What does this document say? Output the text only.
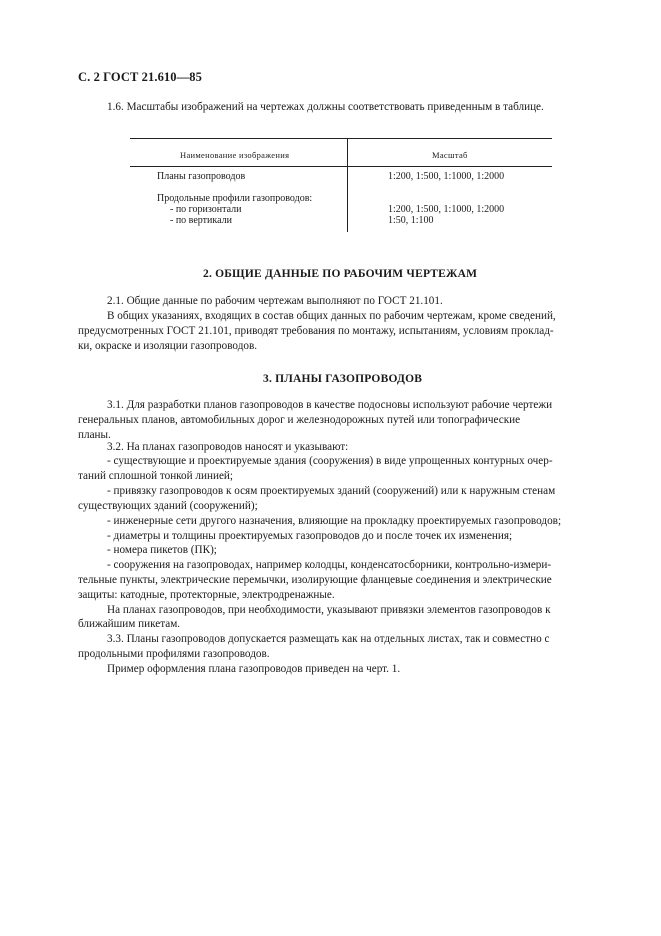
С. 2 ГОСТ 21.610—85
1.6. Масштабы изображений на чертежах должны соответствовать приведенным в таблице.
Наименование изображения	Масштаб
Планы газопроводов	1:200, 1:500, 1:1000, 1:2000
Продольные профили газопроводов:
- по горизонтали	1:200, 1:500, 1:1000, 1:2000
- по вертикали	1:50, 1:100
2. ОБЩИЕ ДАННЫЕ ПО РАБОЧИМ ЧЕРТЕЖАМ
2.1. Общие данные по рабочим чертежам выполняют по ГОСТ 21.101.
В общих указаниях, входящих в состав общих данных по рабочим чертежам, кроме сведений,
предусмотренных ГОСТ 21.101, приводят требования по монтажу, испытаниям, условиям проклад-
ки, окраске и изоляции газопроводов.
3. ПЛАНЫ ГАЗОПРОВОДОВ
3.1. Для разработки планов газопроводов в качестве подосновы используют рабочие чертежи
генеральных планов, автомобильных дорог и железнодорожных путей или топографические
планы.
3.2. На планах газопроводов наносят и указывают:
- существующие и проектируемые здания (сооружения) в виде упрощенных контурных очер-
таний сплошной тонкой линией;
- привязку газопроводов к осям проектируемых зданий (сооружений) или к наружным стенам
существующих зданий (сооружений);
- инженерные сети другого назначения, влияющие на прокладку проектируемых газопроводов;
- диаметры и толщины проектируемых газопроводов до и после точек их изменения;
- номера пикетов (ПК);
- сооружения на газопроводах, например колодцы, конденсатосборники, контрольно-измери-
тельные пункты, электрические перемычки, изолирующие фланцевые соединения и электрические
защиты: катодные, протекторные, электродренажные.
На планах газопроводов, при необходимости, указывают привязки элементов газопроводов к
ближайшим пикетам.
3.3. Планы газопроводов допускается размещать как на отдельных листах, так и совместно с
продольными профилями газопроводов.
Пример оформления плана газопроводов приведен на черт. 1.
